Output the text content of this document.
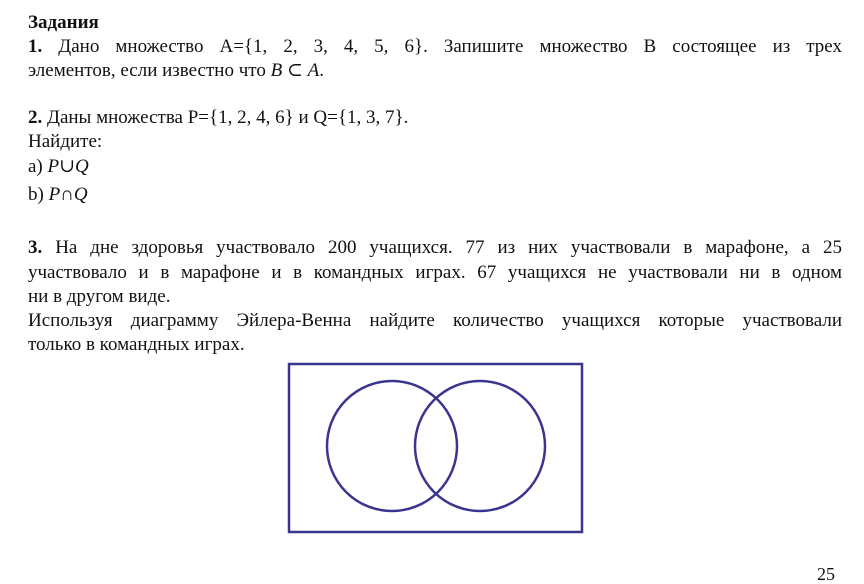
Задания
1. Дано множество А={1, 2, 3, 4, 5, 6}. Запишите множество В состоящее из трех
элементов, если известно что B ⊂ A.
2. Даны множества P={1, 2, 4, 6} и Q={1, 3, 7}.
Найдите:
a) P∪Q
b) P∩Q
3. На дне здоровья участвовало 200 учащихся. 77 из них участвовали в марафоне, а 25
участвовало и в марафоне и в командных играх. 67 учащихся не участвовали ни в одном
ни в другом виде.
Используя диаграмму Эйлера-Венна найдите количество учащихся которые участвовали
только в командных играх.
25
